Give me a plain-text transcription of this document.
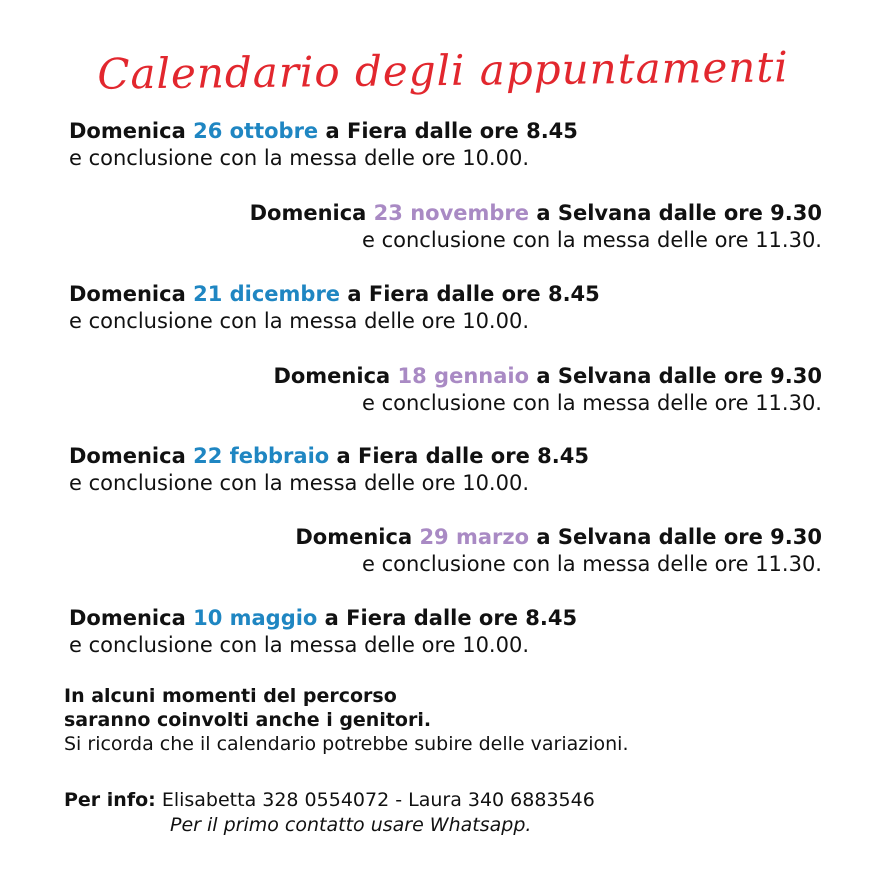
Calendario degli appuntamenti
Domenica 26 ottobre a Fiera dalle ore 8.45
e conclusione con la messa delle ore 10.00.
Domenica 23 novembre a Selvana dalle ore 9.30
e conclusione con la messa delle ore 11.30.
Domenica 21 dicembre a Fiera dalle ore 8.45
e conclusione con la messa delle ore 10.00.
Domenica 18 gennaio a Selvana dalle ore 9.30
e conclusione con la messa delle ore 11.30.
Domenica 22 febbraio a Fiera dalle ore 8.45
e conclusione con la messa delle ore 10.00.
Domenica 29 marzo a Selvana dalle ore 9.30
e conclusione con la messa delle ore 11.30.
Domenica 10 maggio a Fiera dalle ore 8.45
e conclusione con la messa delle ore 10.00.
In alcuni momenti del percorso
saranno coinvolti anche i genitori.
Si ricorda che il calendario potrebbe subire delle variazioni.
Per info: Elisabetta 328 0554072 - Laura 340 6883546
Per il primo contatto usare Whatsapp.
